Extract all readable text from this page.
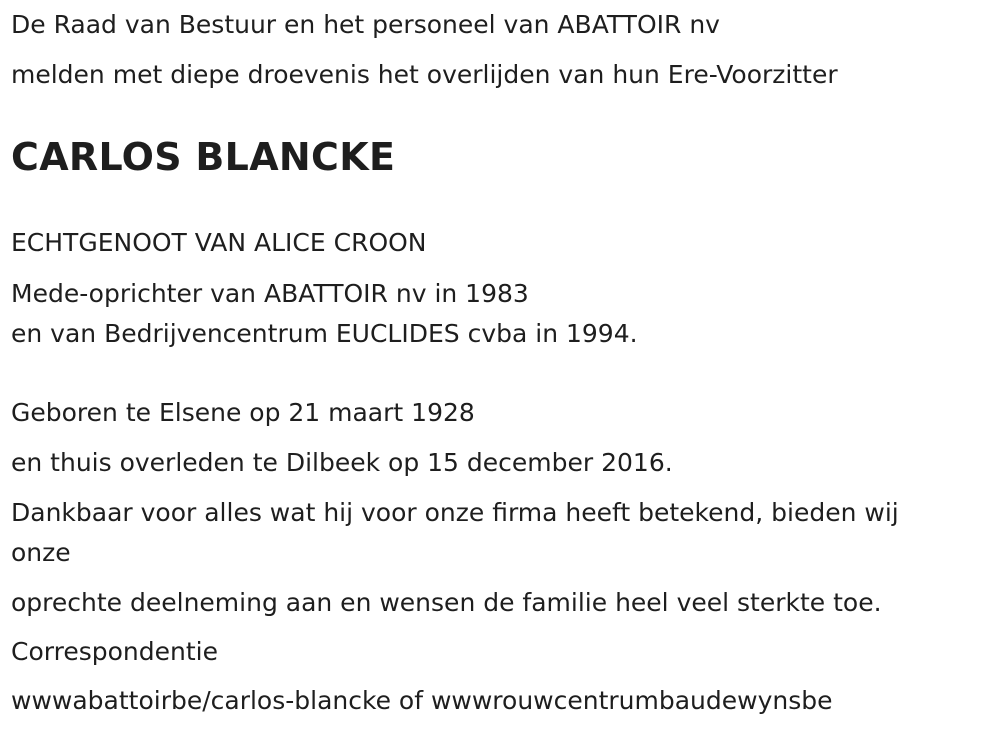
De Raad van Bestuur en het personeel van ABATTOIR nv

melden met diepe droevenis het overlijden van hun Ere-Voorzitter

CARLOS BLANCKE

ECHTGENOOT VAN ALICE CROON

Mede-oprichter van ABATTOIR nv in 1983

en van Bedrijvencentrum EUCLIDES cvba in 1994.

Geboren te Elsene op 21 maart 1928

en thuis overleden te Dilbeek op 15 december 2016.

Dankbaar voor alles wat hij voor onze firma heeft betekend, bieden wij

onze

oprechte deelneming aan en wensen de familie heel veel sterkte toe.

Correspondentie

wwwabattoirbe/carlos-blancke of wwwrouwcentrumbaudewynsbe
